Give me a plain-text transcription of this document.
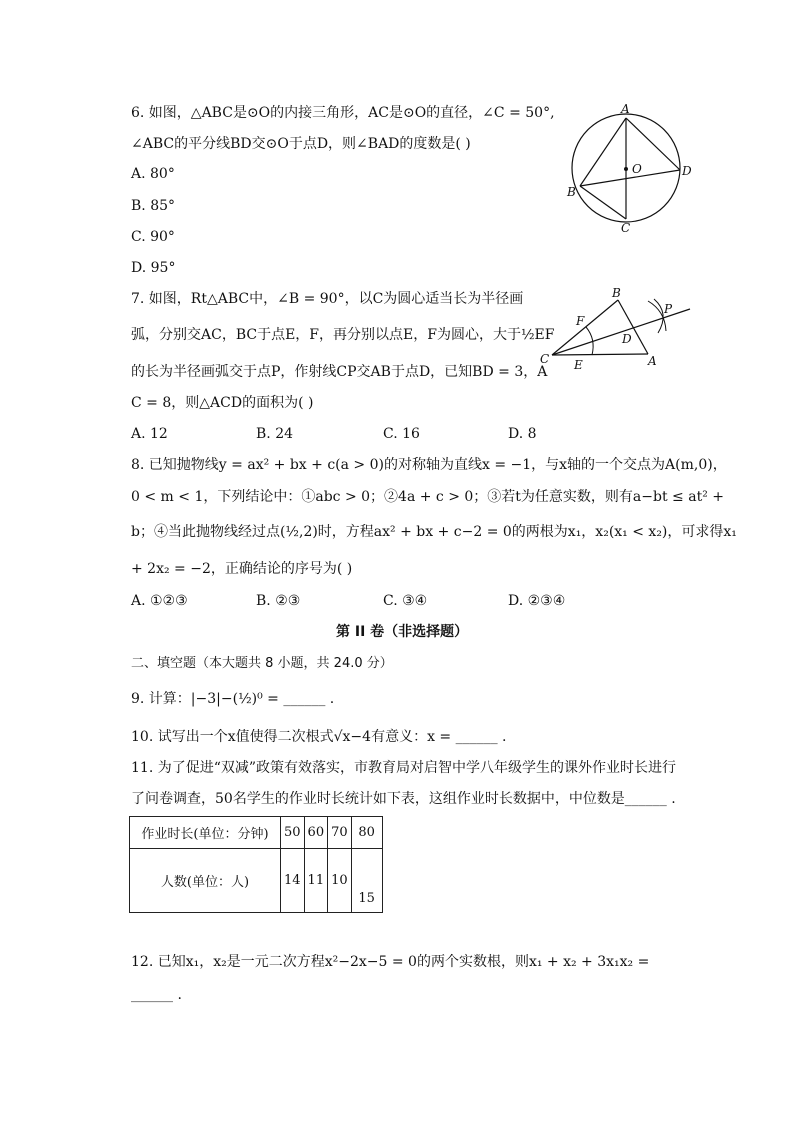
6. 如图，△ABC是⊙O的内接三角形，AC是⊙O的直径，∠C = 50°,
∠ABC的平分线BD交⊙O于点D，则∠BAD的度数是( )
A. 80°
B. 85°
C. 90°
D. 95°
A
B
C
D
O
7. 如图，Rt△ABC中，∠B = 90°，以C为圆心适当长为半径画
弧，分别交AC，BC于点E，F，再分别以点E，F为圆心，大于½EF
的长为半径画弧交于点P，作射线CP交AB于点D，已知BD = 3，A
C = 8，则△ACD的面积为( )
A. 12	B. 24	C. 16	D. 8
B
F
D
C E	A
P
8. 已知抛物线y = ax² + bx + c(a > 0)的对称轴为直线x = −1，与x轴的一个交点为A(m,0)，
0 < m < 1，下列结论中：①abc > 0；②4a + c > 0；③若t为任意实数，则有a−bt ≤ at² +
b；④当此抛物线经过点(½,2)时，方程ax² + bx + c−2 = 0的两根为x₁，x₂(x₁ < x₂)，可求得x₁
+ 2x₂ = −2，正确结论的序号为( )
A. ①②③	B. ②③	C. ③④	D. ②③④
第 II 卷（非选择题）
二、填空题（本大题共 8 小题，共 24.0 分）
9. 计算：|−3|−(½)⁰ = ______ .
10. 试写出一个x值使得二次根式√x−4有意义：x = ______ .
11. 为了促进“双减”政策有效落实，市教育局对启智中学八年级学生的课外作业时长进行
了问卷调查，50名学生的作业时长统计如下表，这组作业时长数据中，中位数是______ .
作业时长(单位：分钟)	50	60	70	80
人数(单位：人)	14	11	10	15
12. 已知x₁，x₂是一元二次方程x²−2x−5 = 0的两个实数根，则x₁ + x₂ + 3x₁x₂ =
______ .
